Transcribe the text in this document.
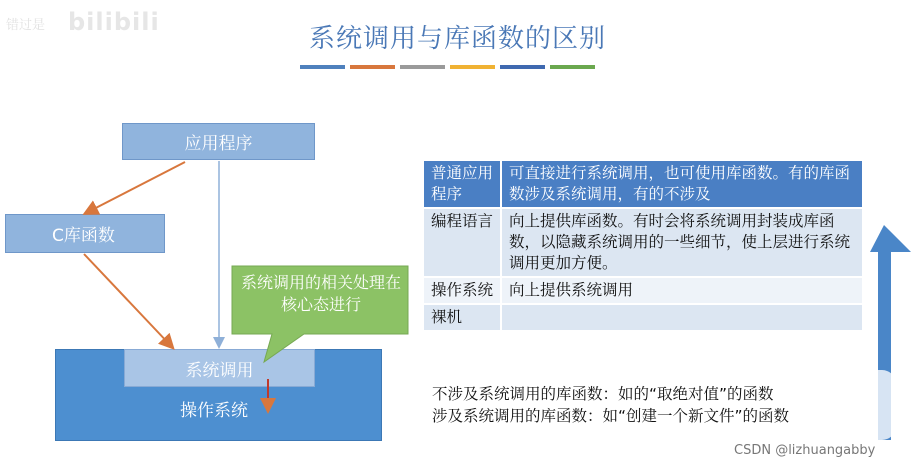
错过是 bilibili
系统调用与库函数的区别
系统调用
操作系统
应用程序
C库函数
系统调用的相关处理在核心态进行
普通应用程序	可直接进行系统调用，也可使用库函数。有的库函数涉及系统调用，有的不涉及
编程语言	向上提供库函数。有时会将系统调用封装成库函数，以隐藏系统调用的一些细节，使上层进行系统调用更加方便。
操作系统	向上提供系统调用
裸机	
不涉及系统调用的库函数：如的“取绝对值”的函数
涉及系统调用的库函数：如“创建一个新文件”的函数
CSDN @lizhuangabby
